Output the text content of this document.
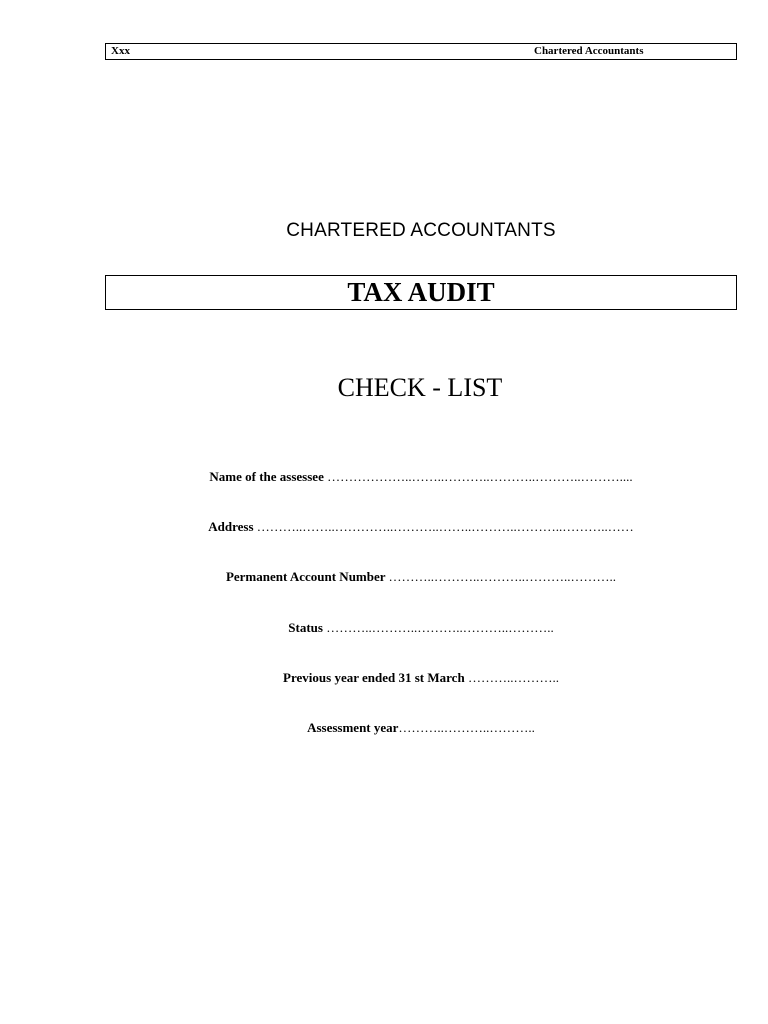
Xxx	Chartered Accountants
CHARTERED ACCOUNTANTS
TAX AUDIT
CHECK - LIST
Name of the assessee ………………..……..………..………..………..………....
Address ………..……..…………..………..……..………..………..………..……
Permanent Account Number ………..………..………..………..………..
Status ………..………..………..………..………..
Previous year ended 31 st March ………..………..
Assessment year………..………..………..
